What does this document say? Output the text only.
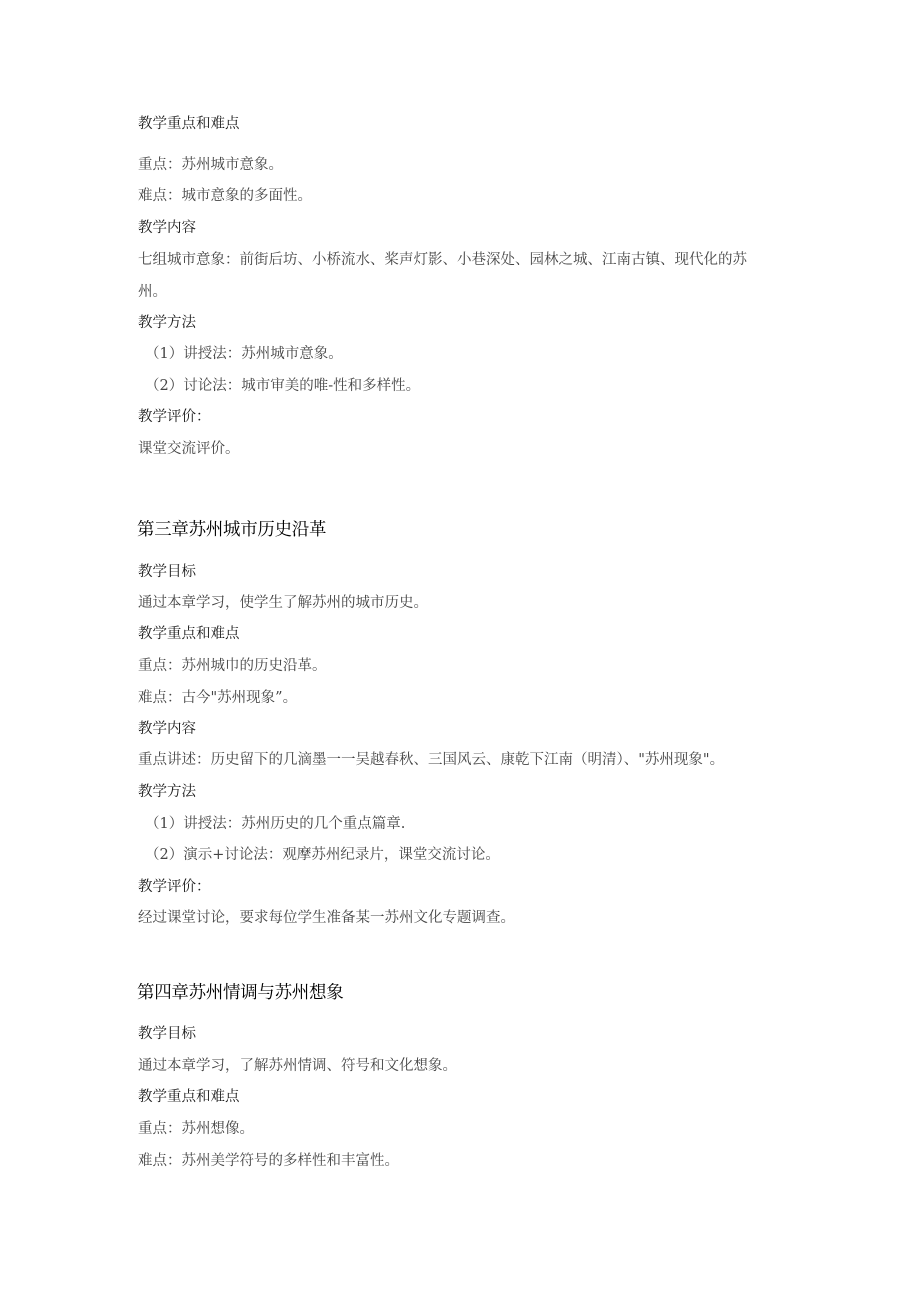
教学重点和难点
重点：苏州城市意象。
难点：城市意象的多面性。
教学内容
七组城市意象：前街后坊、小桥流水、桨声灯影、小巷深处、园林之城、江南古镇、现代化的苏
州。
教学方法
（1）讲授法：苏州城市意象。
（2）讨论法：城市审美的唯-性和多样性。
教学评价：
课堂交流评价。
第三章苏州城市历史沿革
教学目标
通过本章学习，使学生了解苏州的城市历史。
教学重点和难点
重点：苏州城巾的历史沿革。
难点：古今"苏州现象”。
教学内容
重点讲述：历史留下的几滴墨一一吴越春秋、三国风云、康乾下江南（明清）、"苏州现象"。
教学方法
（1）讲授法：苏州历史的几个重点篇章.
（2）演示+讨论法：观摩苏州纪录片，课堂交流讨论。
教学评价：
经过课堂讨论，要求每位学生准备某一苏州文化专题调查。
第四章苏州情调与苏州想象
教学目标
通过本章学习，了解苏州情调、符号和文化想象。
教学重点和难点
重点：苏州想像。
难点：苏州美学符号的多样性和丰富性。
